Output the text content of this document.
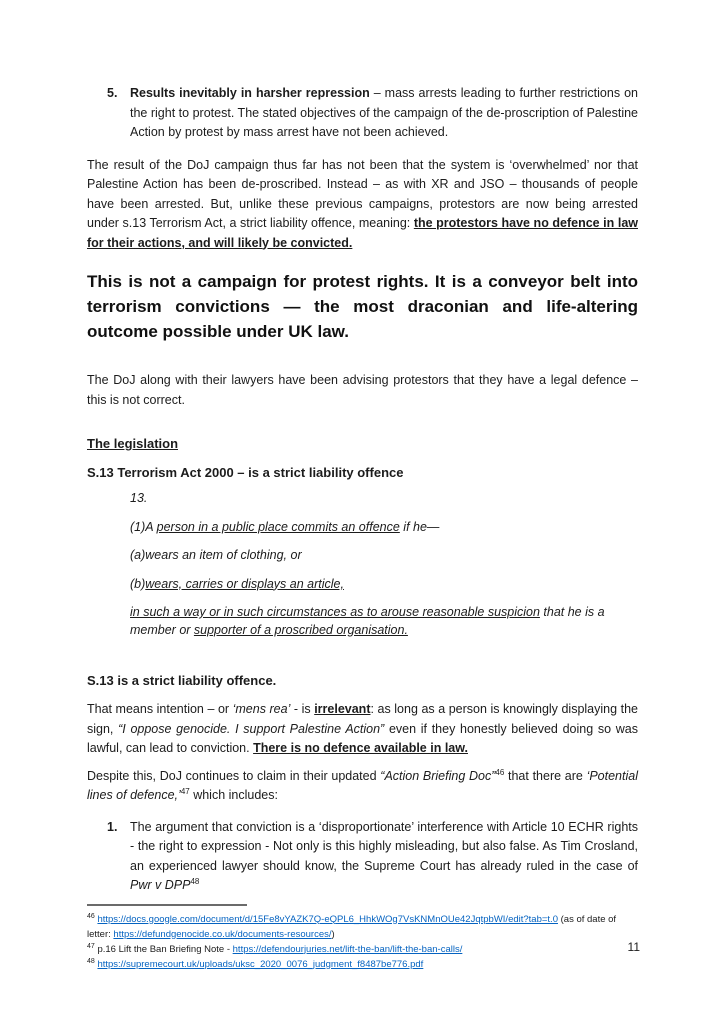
5.	Results inevitably in harsher repression – mass arrests leading to further restrictions on the right to protest. The stated objectives of the campaign of the de-proscription of Palestine Action by protest by mass arrest have not been achieved.

The result of the DoJ campaign thus far has not been that the system is ‘overwhelmed’ nor that Palestine Action has been de-proscribed. Instead – as with XR and JSO – thousands of people have been arrested. But, unlike these previous campaigns, protestors are now being arrested under s.13 Terrorism Act, a strict liability offence, meaning: the protestors have no defence in law for their actions, and will likely be convicted.

This is not a campaign for protest rights. It is a conveyor belt into terrorism convictions — the most draconian and life-altering outcome possible under UK law.

The DoJ along with their lawyers have been advising protestors that they have a legal defence – this is not correct.

The legislation

S.13 Terrorism Act 2000 – is a strict liability offence

13.

(1)A person in a public place commits an offence if he—

(a)wears an item of clothing, or

(b)wears, carries or displays an article,

in such a way or in such circumstances as to arouse reasonable suspicion that he is a member or supporter of a proscribed organisation.

S.13 is a strict liability offence.

That means intention – or ‘mens rea’ - is irrelevant: as long as a person is knowingly displaying the sign, “I oppose genocide. I support Palestine Action” even if they honestly believed doing so was lawful, can lead to conviction. There is no defence available in law.

Despite this, DoJ continues to claim in their updated “Action Briefing Doc”$^{46}$ that there are ‘Potential lines of defence,’$^{47}$ which includes:

1.	The argument that conviction is a ‘disproportionate’ interference with Article 10 ECHR rights - the right to expression - Not only is this highly misleading, but also false. As Tim Crosland, an experienced lawyer should know, the Supreme Court has already ruled in the case of Pwr v DPP$^{48}$

$^{46}$ https://docs.google.com/document/d/15Fe8vYAZK7Q-eQPL6_HhkWOg7VsKNMnOUe42JqtpbWI/edit?tab=t.0 (as of date of letter: https://defundgenocide.co.uk/documents-resources/)

$^{47}$ p.16 Lift the Ban Briefing Note - https://defendourjuries.net/lift-the-ban/lift-the-ban-calls/

$^{48}$ https://supremecourt.uk/uploads/uksc_2020_0076_judgment_f8487be776.pdf

11
